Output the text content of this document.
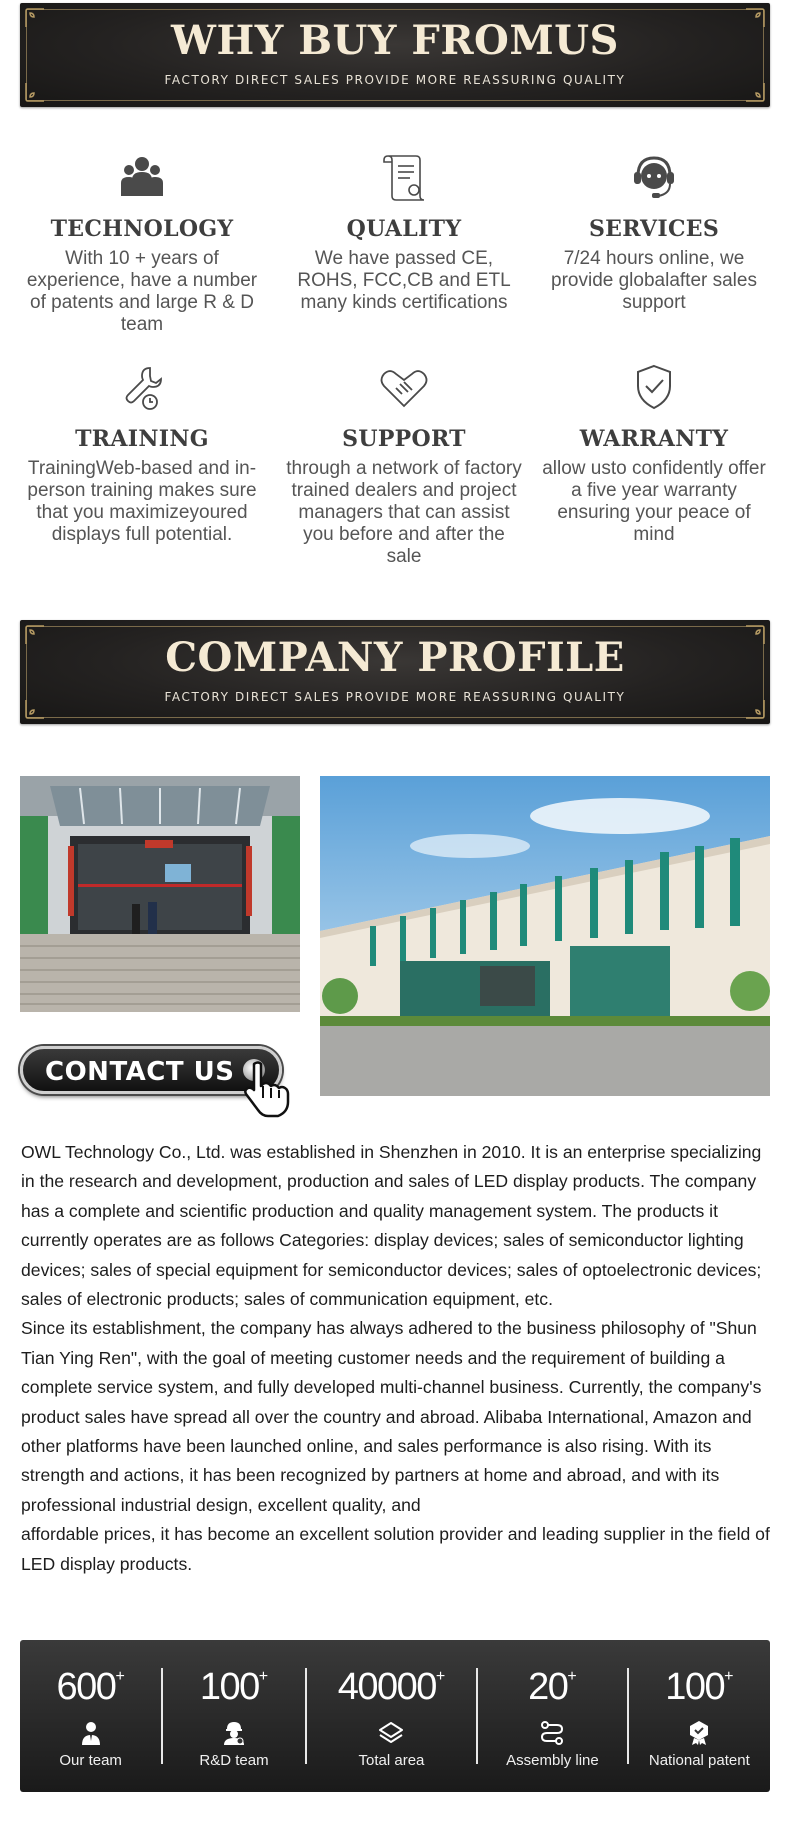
WHY BUY FROMUS
FACTORY DIRECT SALES PROVIDE MORE REASSURING QUALITY
TECHNOLOGY

With 10 + years of experience, have a number of patents and large R & D team

QUALITY

We have passed CE, ROHS, FCC,CB and ETL many kinds certifications

SERVICES

7/24 hours online, we provide globalafter sales support

TRAINING

TrainingWeb-based and in-person training makes sure that you maximizeyoured displays full potential.

SUPPORT

through a network of factory trained dealers and project managers that can assist you before and after the sale

WARRANTY

allow usto confidently offer a five year warranty ensuring your peace of mind

COMPANY PROFILE
FACTORY DIRECT SALES PROVIDE MORE REASSURING QUALITY
CONTACT US

OWL Technology Co., Ltd. was established in Shenzhen in 2010. It is an enterprise specializing in the research and development, production and sales of LED display products. The company has a complete and scientific production and quality management system. The products it currently operates are as follows Categories: display devices; sales of semiconductor lighting devices; sales of special equipment for semiconductor devices; sales of optoelectronic devices; sales of electronic products; sales of communication equipment, etc.

Since its establishment, the company has always adhered to the business philosophy of "Shun Tian Ying Ren", with the goal of meeting customer needs and the requirement of building a complete service system, and fully developed multi-channel business. Currently, the company's product sales have spread all over the country and abroad. Alibaba International, Amazon and other platforms have been launched online, and sales performance is also rising. With its strength and actions, it has been recognized by partners at home and abroad, and with its professional industrial design, excellent quality, and

affordable prices, it has become an excellent solution provider and leading supplier in the field of LED display products.

600+
Our team
100+
R&D team
40000+
Total area
20+
Assembly line
100+
National patent
